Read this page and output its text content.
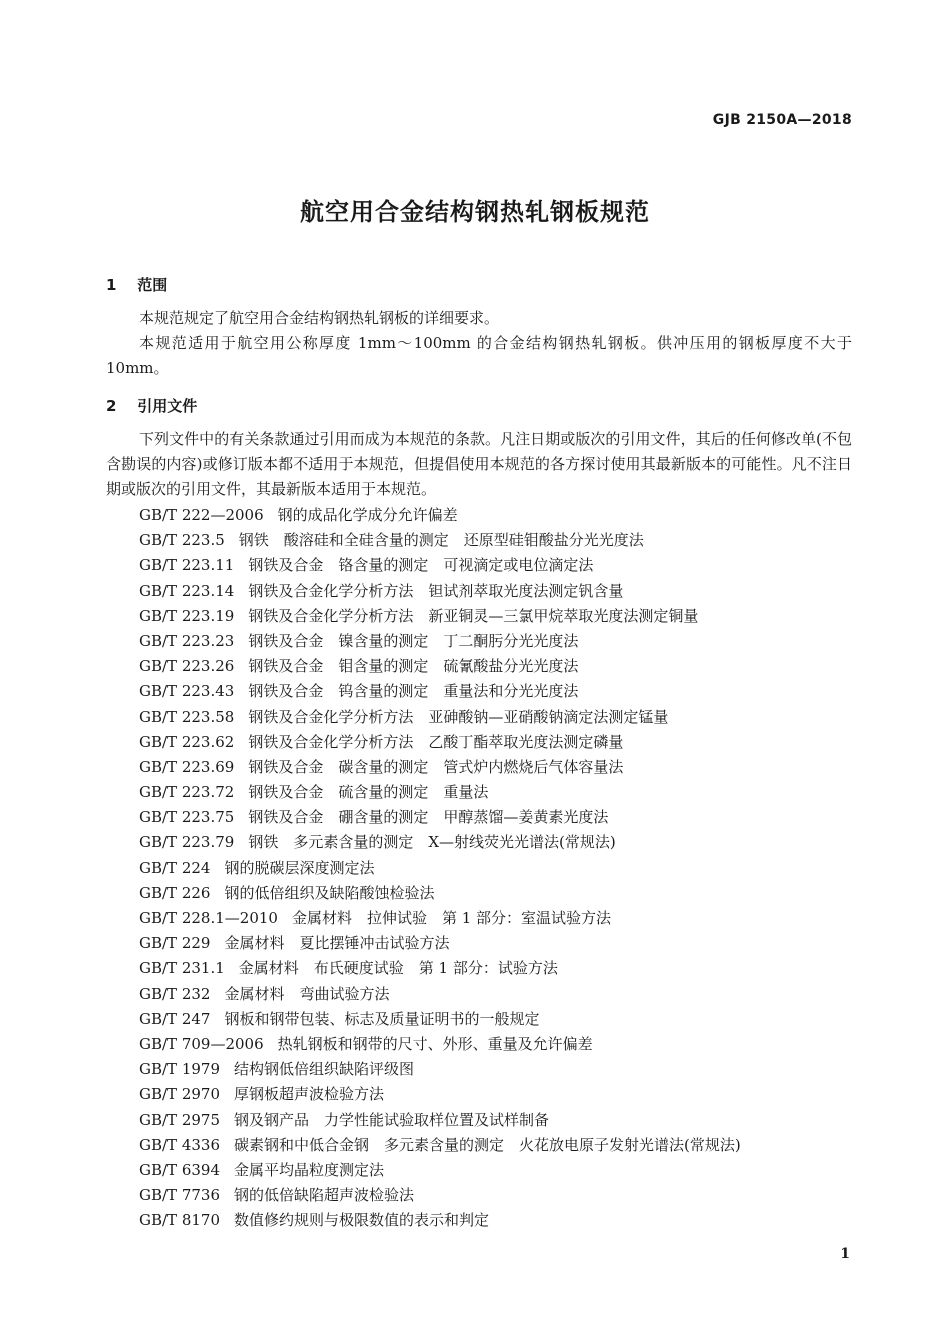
GJB 2150A—2018
航空用合金结构钢热轧钢板规范
1 范围
本规范规定了航空用合金结构钢热轧钢板的详细要求。
本规范适用于航空用公称厚度 1mm～100mm 的合金结构钢热轧钢板。供冲压用的钢板厚度不大于10mm。
2 引用文件
下列文件中的有关条款通过引用而成为本规范的条款。凡注日期或版次的引用文件，其后的任何修改单(不包含勘误的内容)或修订版本都不适用于本规范，但提倡使用本规范的各方探讨使用其最新版本的可能性。凡不注日期或版次的引用文件，其最新版本适用于本规范。
GB/T 222—2006 钢的成品化学成分允许偏差
GB/T 223.5 钢铁　酸溶硅和全硅含量的测定　还原型硅钼酸盐分光光度法
GB/T 223.11 钢铁及合金　铬含量的测定　可视滴定或电位滴定法
GB/T 223.14 钢铁及合金化学分析方法　钽试剂萃取光度法测定钒含量
GB/T 223.19 钢铁及合金化学分析方法　新亚铜灵—三氯甲烷萃取光度法测定铜量
GB/T 223.23 钢铁及合金　镍含量的测定　丁二酮肟分光光度法
GB/T 223.26 钢铁及合金　钼含量的测定　硫氰酸盐分光光度法
GB/T 223.43 钢铁及合金　钨含量的测定　重量法和分光光度法
GB/T 223.58 钢铁及合金化学分析方法　亚砷酸钠—亚硝酸钠滴定法测定锰量
GB/T 223.62 钢铁及合金化学分析方法　乙酸丁酯萃取光度法测定磷量
GB/T 223.69 钢铁及合金　碳含量的测定　管式炉内燃烧后气体容量法
GB/T 223.72 钢铁及合金　硫含量的测定　重量法
GB/T 223.75 钢铁及合金　硼含量的测定　甲醇蒸馏—姜黄素光度法
GB/T 223.79 钢铁　多元素含量的测定　X—射线荧光光谱法(常规法)
GB/T 224 钢的脱碳层深度测定法
GB/T 226 钢的低倍组织及缺陷酸蚀检验法
GB/T 228.1—2010 金属材料　拉伸试验　第 1 部分：室温试验方法
GB/T 229 金属材料　夏比摆锤冲击试验方法
GB/T 231.1 金属材料　布氏硬度试验　第 1 部分：试验方法
GB/T 232 金属材料　弯曲试验方法
GB/T 247 钢板和钢带包装、标志及质量证明书的一般规定
GB/T 709—2006 热轧钢板和钢带的尺寸、外形、重量及允许偏差
GB/T 1979 结构钢低倍组织缺陷评级图
GB/T 2970 厚钢板超声波检验方法
GB/T 2975 钢及钢产品　力学性能试验取样位置及试样制备
GB/T 4336 碳素钢和中低合金钢　多元素含量的测定　火花放电原子发射光谱法(常规法)
GB/T 6394 金属平均晶粒度测定法
GB/T 7736 钢的低倍缺陷超声波检验法
GB/T 8170 数值修约规则与极限数值的表示和判定
1
